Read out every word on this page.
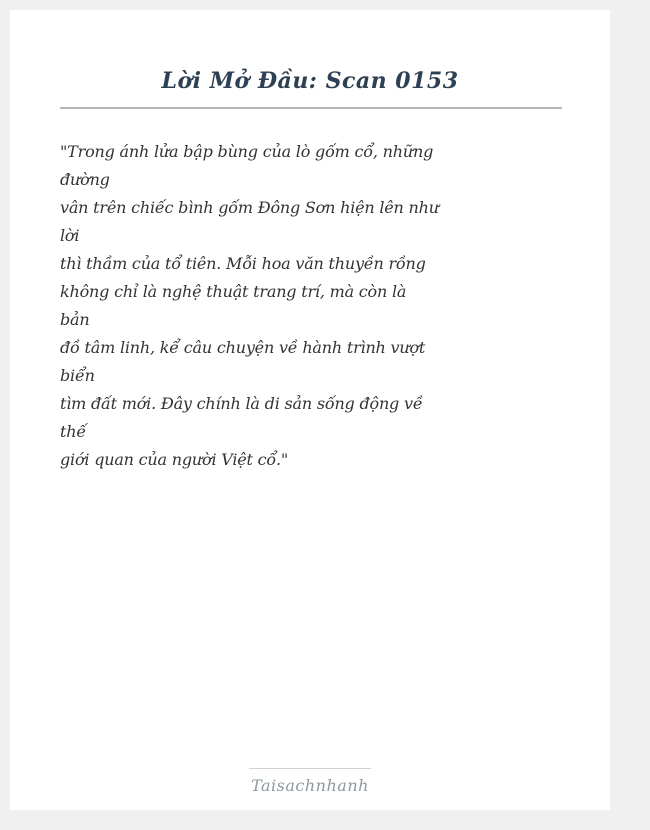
Lời Mở Đầu: Scan 0153
"Trong ánh lửa bập bùng của lò gốm cổ, những
đường
vân trên chiếc bình gốm Đông Sơn hiện lên như
lời
thì thầm của tổ tiên. Mỗi hoa văn thuyền rồng
không chỉ là nghệ thuật trang trí, mà còn là
bản
đồ tâm linh, kể câu chuyện về hành trình vượt
biển
tìm đất mới. Đây chính là di sản sống động về
thế
giới quan của người Việt cổ."
Taisachnhanh
